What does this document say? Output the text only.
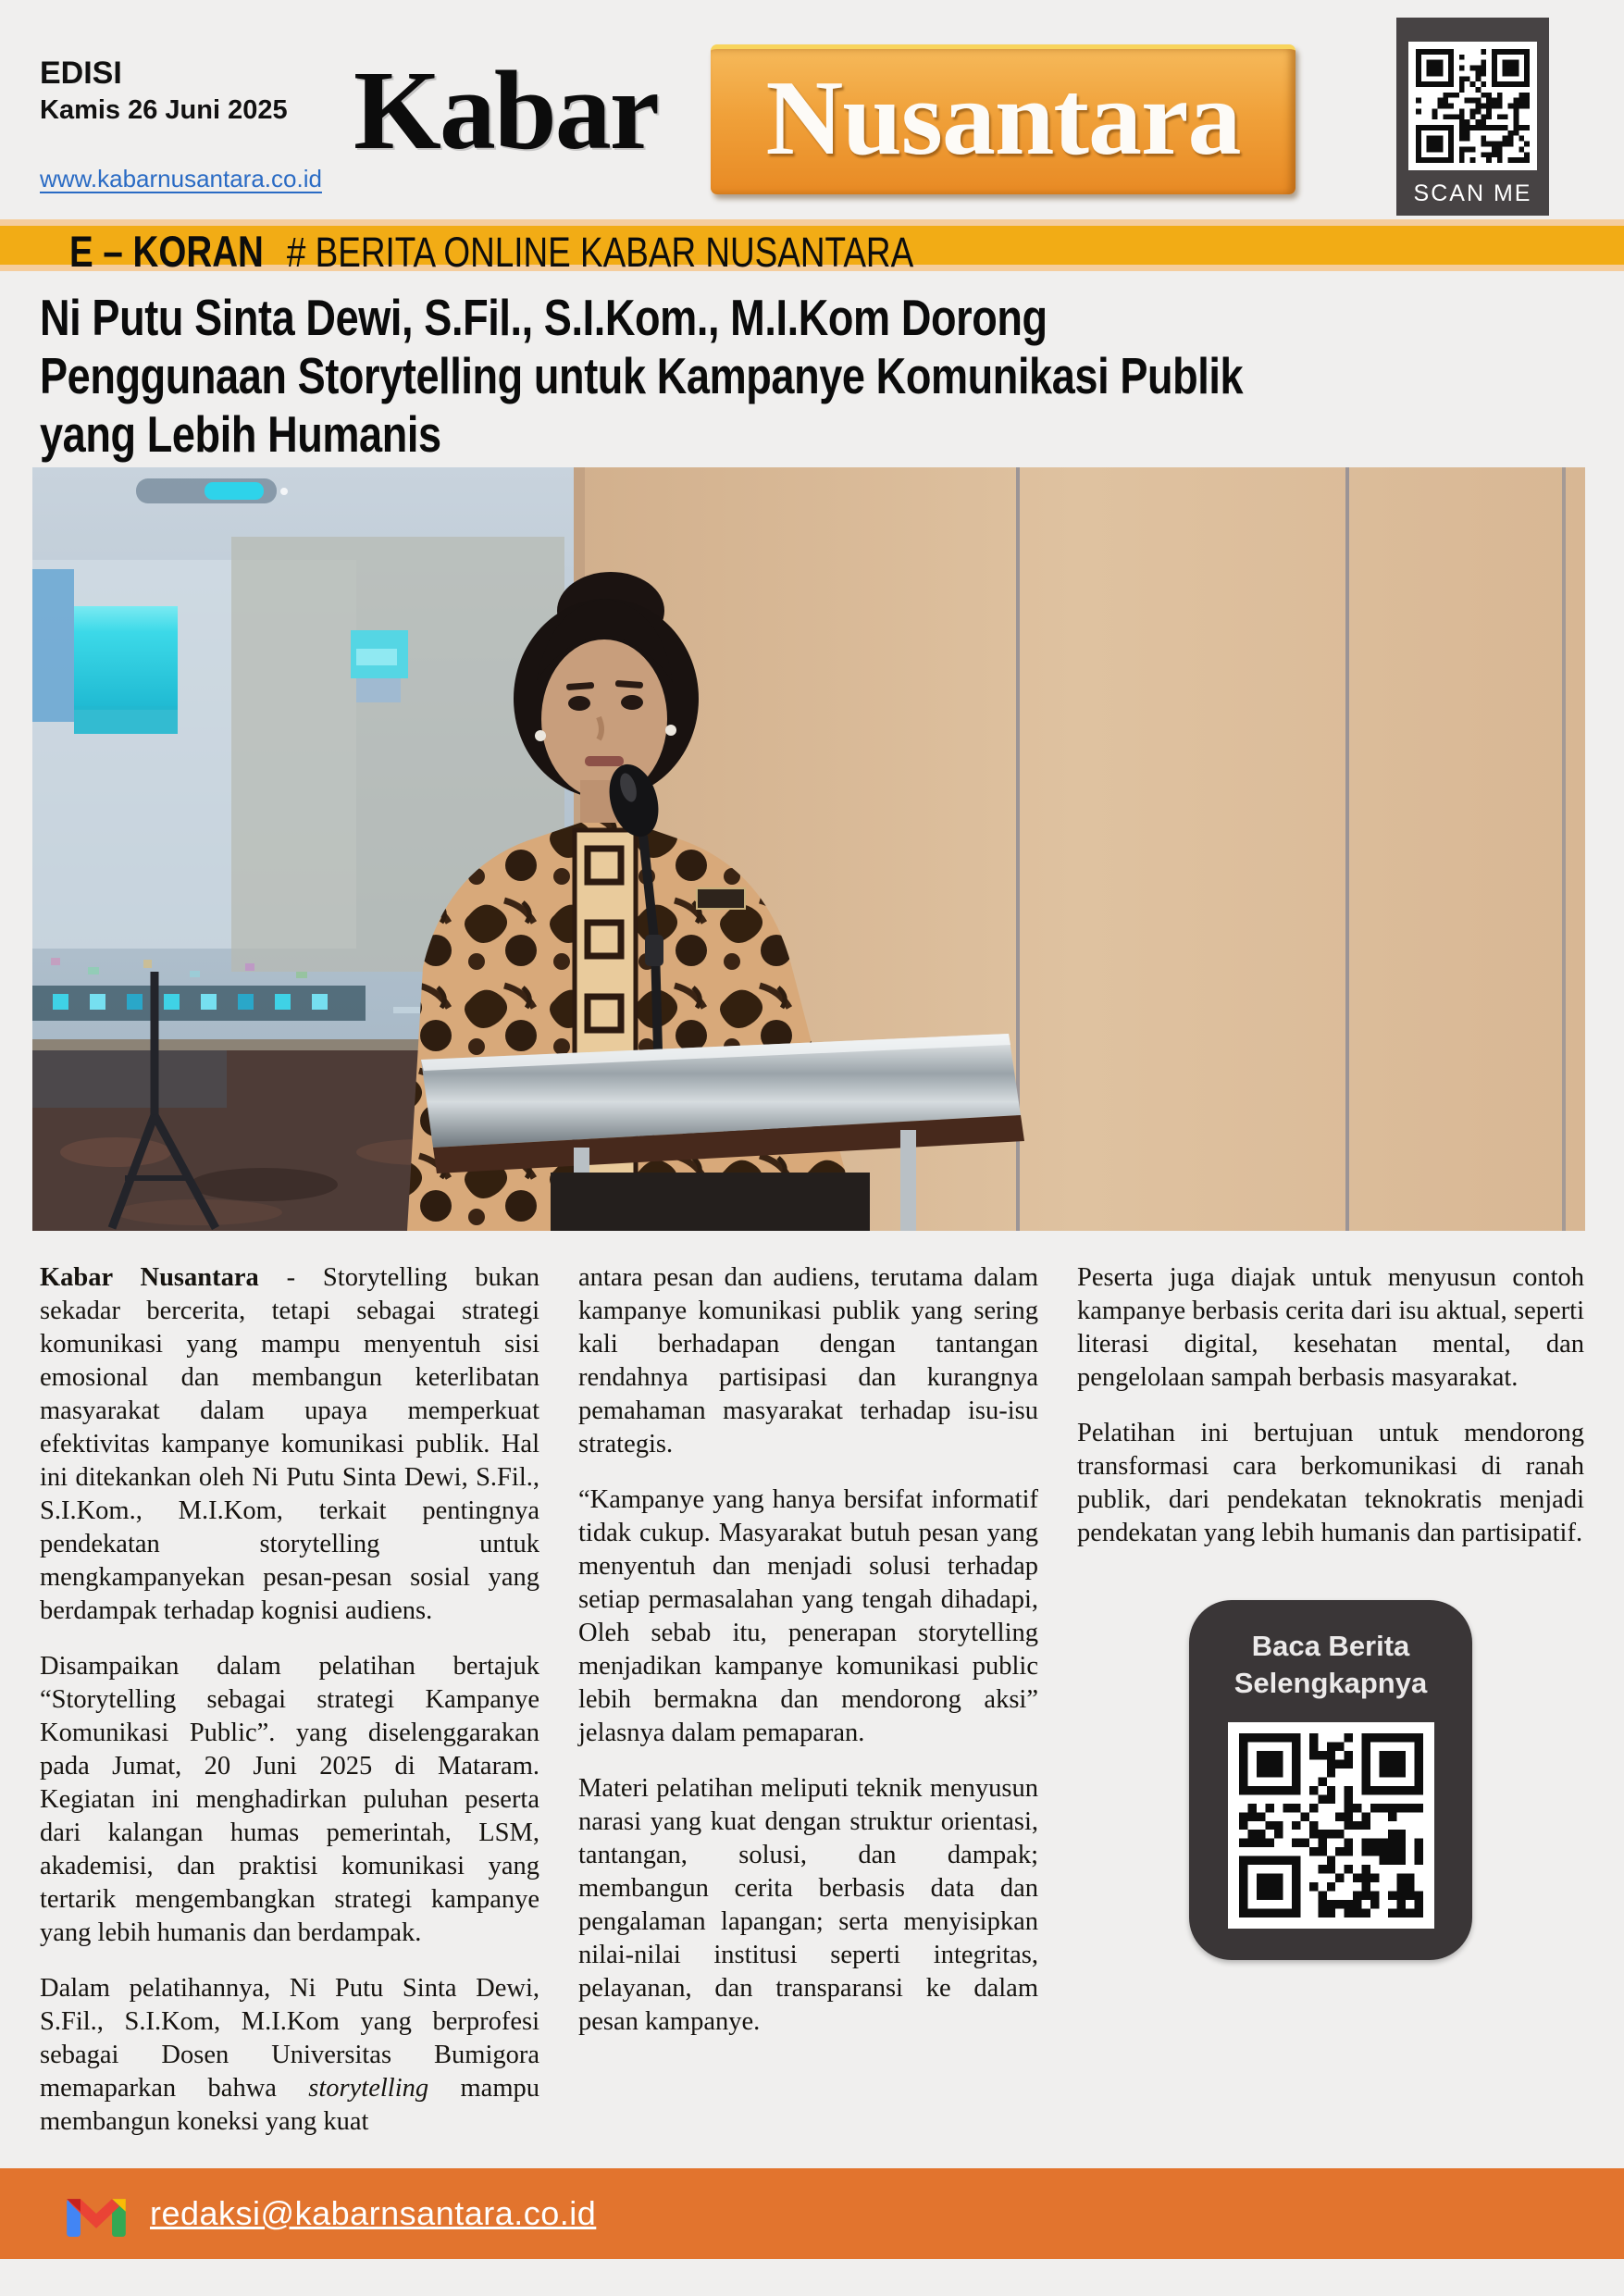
EDISI
Kamis 26 Juni 2025
www.kabarnusantara.co.id
Kabar	Nusantara
SCAN ME
E – KORAN # BERITA ONLINE KABAR NUSANTARA
Ni Putu Sinta Dewi, S.Fil., S.I.Kom., M.I.Kom Dorong
Penggunaan Storytelling untuk Kampanye Komunikasi Publik
yang Lebih Humanis

Kabar Nusantara - Storytelling bukan sekadar bercerita, tetapi sebagai strategi komunikasi yang mampu menyentuh sisi emosional dan membangun keterlibatan masyarakat dalam upaya memperkuat efektivitas kampanye komunikasi publik. Hal ini ditekankan oleh Ni Putu Sinta Dewi, S.Fil., S.I.Kom., M.I.Kom, terkait pentingnya pendekatan storytelling untuk mengkampanyekan pesan-pesan sosial yang berdampak terhadap kognisi audiens.

Disampaikan dalam pelatihan bertajuk “Storytelling sebagai strategi Kampanye Komunikasi Public”. yang diselenggarakan pada Jumat, 20 Juni 2025 di Mataram. Kegiatan ini menghadirkan puluhan peserta dari kalangan humas pemerintah, LSM, akademisi, dan praktisi komunikasi yang tertarik mengembangkan strategi kampanye yang lebih humanis dan berdampak.

Dalam pelatihannya, Ni Putu Sinta Dewi, S.Fil., S.I.Kom, M.I.Kom yang berprofesi sebagai Dosen Universitas Bumigora memaparkan bahwa storytelling mampu membangun koneksi yang kuat

antara pesan dan audiens, terutama dalam kampanye komunikasi publik yang sering kali berhadapan dengan tantangan rendahnya partisipasi dan kurangnya pemahaman masyarakat terhadap isu-isu strategis.

“Kampanye yang hanya bersifat informatif tidak cukup. Masyarakat butuh pesan yang menyentuh dan menjadi solusi terhadap setiap permasalahan yang tengah dihadapi, Oleh sebab itu, penerapan storytelling menjadikan kampanye komunikasi public lebih bermakna dan mendorong aksi” jelasnya dalam pemaparan.

Materi pelatihan meliputi teknik menyusun narasi yang kuat dengan struktur orientasi, tantangan, solusi, dan dampak; membangun cerita berbasis data dan pengalaman lapangan; serta menyisipkan nilai-nilai institusi seperti integritas, pelayanan, dan transparansi ke dalam pesan kampanye.

Peserta juga diajak untuk menyusun contoh kampanye berbasis cerita dari isu aktual, seperti literasi digital, kesehatan mental, dan pengelolaan sampah berbasis masyarakat.

Pelatihan ini bertujuan untuk mendorong transformasi cara berkomunikasi di ranah publik, dari pendekatan teknokratis menjadi pendekatan yang lebih humanis dan partisipatif.

Baca Berita Selengkapnya
redaksi@kabarnsantara.co.id
